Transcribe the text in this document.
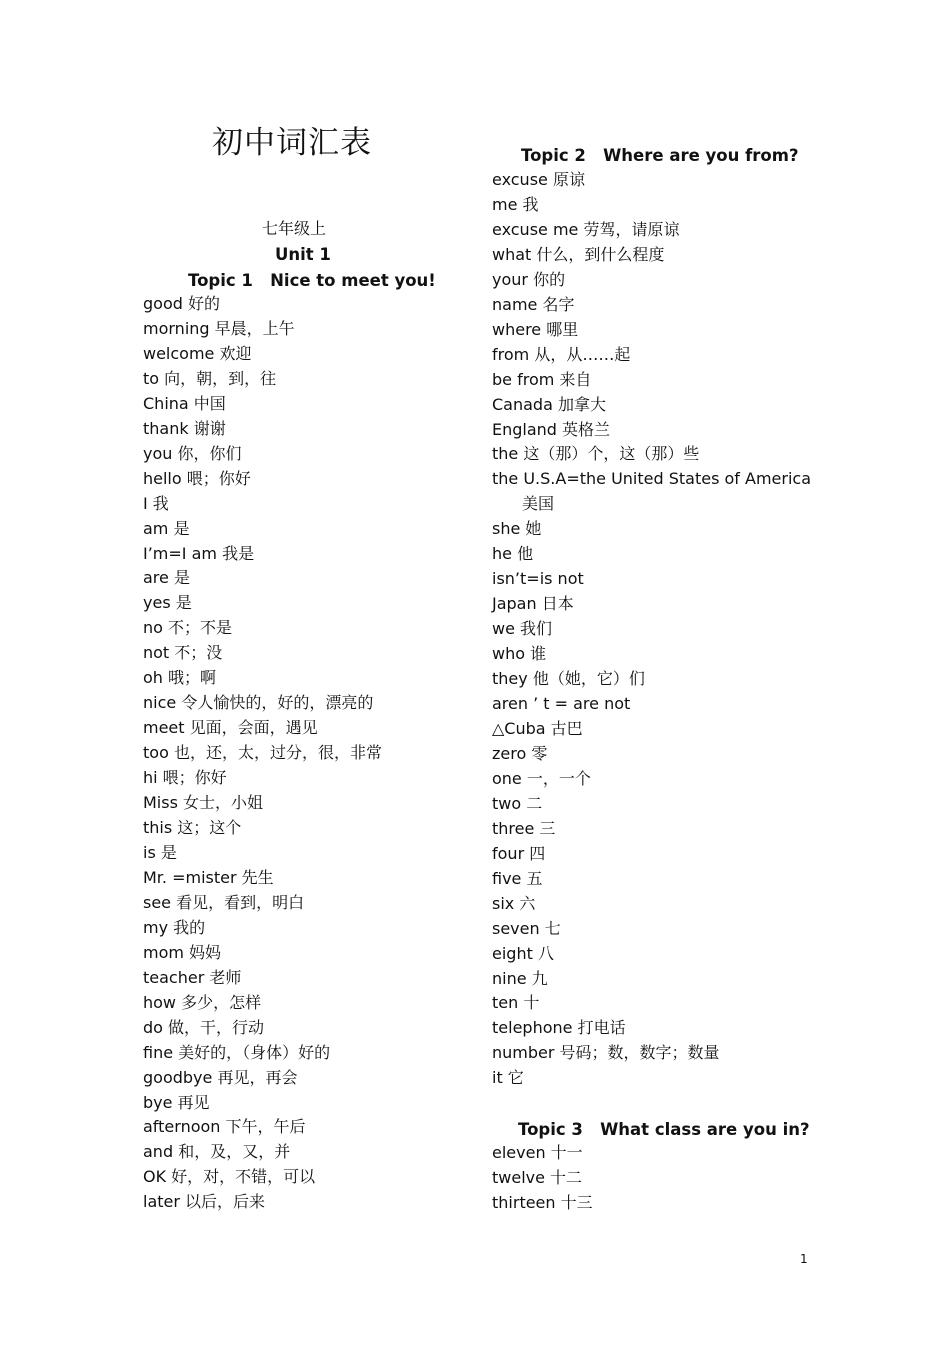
初中词汇表
七年级上
Unit 1
Topic 1   Nice to meet you!
good 好的
morning 早晨，上午
welcome 欢迎
to 向，朝，到，往
China 中国
thank 谢谢
you 你，你们
hello 喂；你好
I 我
am 是
I’m=I am 我是
are 是
yes 是
no 不；不是
not 不；没
oh 哦；啊
nice 令人愉快的，好的，漂亮的
meet 见面，会面，遇见
too 也，还，太，过分，很，非常
hi 喂；你好
Miss 女士，小姐
this 这；这个
is 是
Mr. =mister 先生
see 看见，看到，明白
my 我的
mom 妈妈
teacher 老师
how 多少，怎样
do 做，干，行动
fine 美好的，（身体）好的
goodbye 再见，再会
bye 再见
afternoon 下午，午后
and 和，及，又，并
OK 好，对，不错，可以
later 以后，后来
Topic 2   Where are you from?
excuse 原谅
me 我
excuse me 劳驾，请原谅
what 什么，到什么程度
your 你的
name 名字
where 哪里
from 从，从……起
be from 来自
Canada 加拿大
England 英格兰
the 这（那）个，这（那）些
the U.S.A=the United States of America
美国
she 她
he 他
isn’t=is not
Japan 日本
we 我们
who 谁
they 他（她，它）们
aren ’ t = are not
△Cuba 古巴
zero 零
one 一，一个
two 二
three 三
four 四
five 五
six 六
seven 七
eight 八
nine 九
ten 十
telephone 打电话
number 号码；数，数字；数量
it 它
Topic 3   What class are you in?
eleven 十一
twelve 十二
thirteen 十三
1
